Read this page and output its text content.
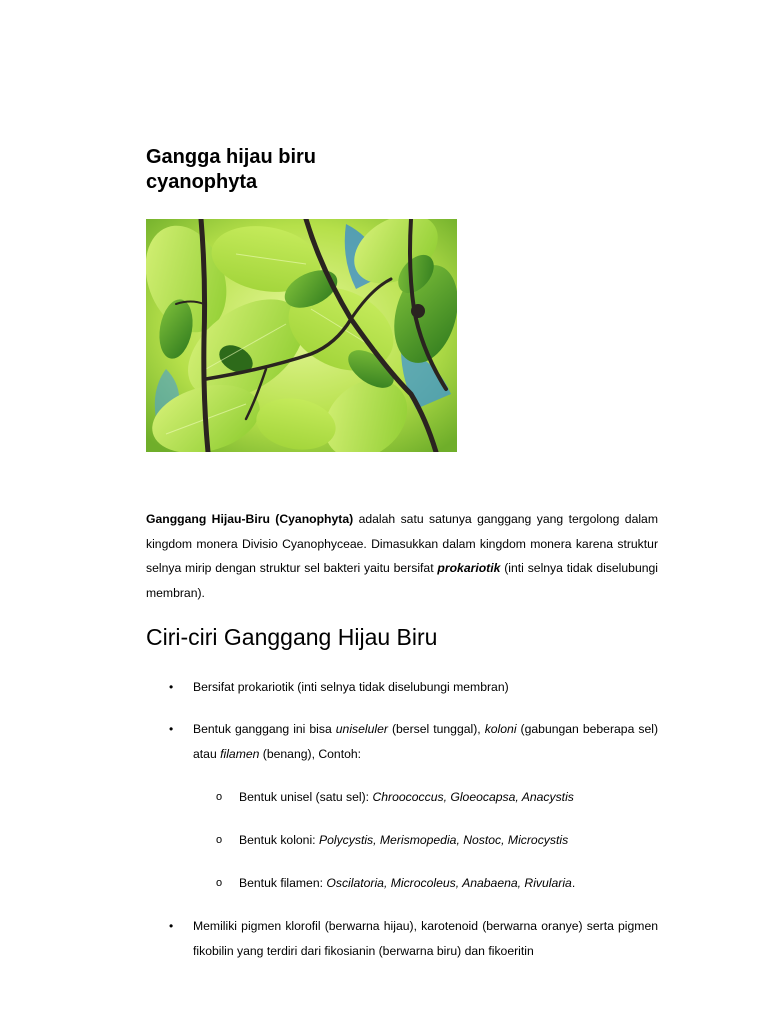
Gangga hijau biru
cyanophyta

Ganggang Hijau-Biru (Cyanophyta) adalah satu satunya ganggang yang tergolong dalam kingdom monera Divisio Cyanophyceae. Dimasukkan dalam kingdom monera karena struktur selnya mirip dengan struktur sel bakteri yaitu bersifat prokariotik (inti selnya tidak diselubungi membran).

Ciri-ciri Ganggang Hijau Biru
• Bersifat prokariotik (inti selnya tidak diselubungi membran)
• Bentuk ganggang ini bisa uniseluler (bersel tunggal), koloni (gabungan beberapa sel) atau filamen (benang), Contoh:
o Bentuk unisel (satu sel): Chroococcus, Gloeocapsa, Anacystis
o Bentuk koloni: Polycystis, Merismopedia, Nostoc, Microcystis
o Bentuk filamen: Oscilatoria, Microcoleus, Anabaena, Rivularia.
• Memiliki pigmen klorofil (berwarna hijau), karotenoid (berwarna oranye) serta pigmen fikobilin yang terdiri dari fikosianin (berwarna biru) dan fikoeritin
